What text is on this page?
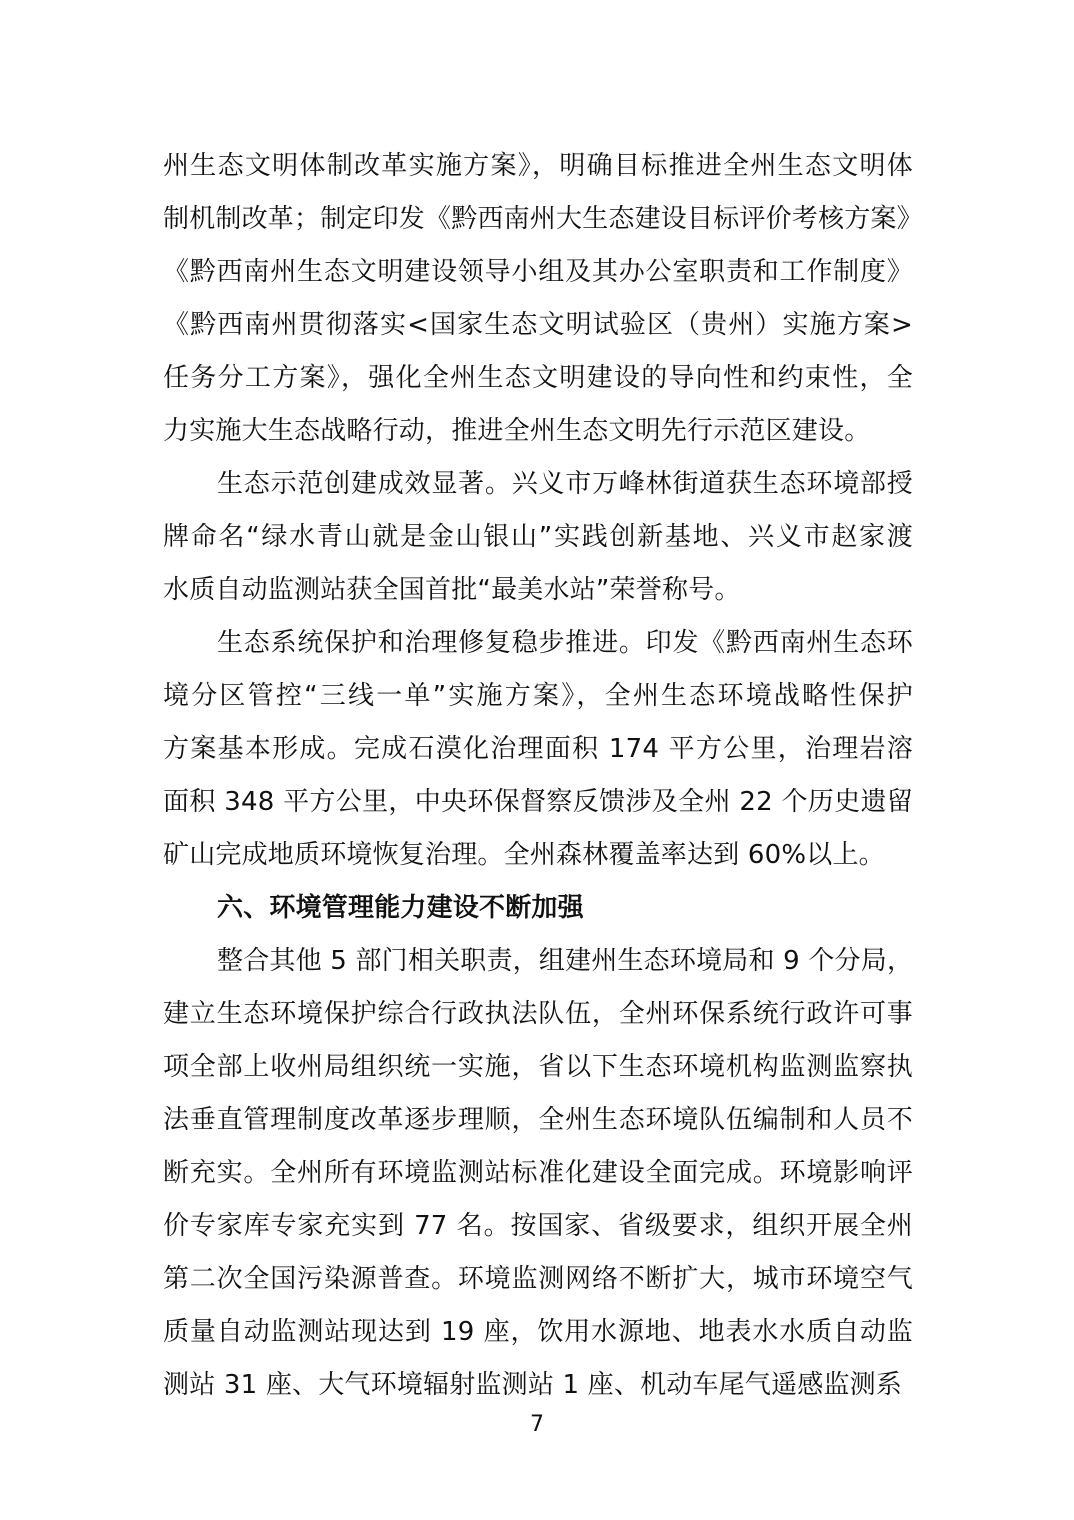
州生态文明体制改革实施方案》，明确目标推进全州生态文明体
制机制改革；制定印发《黔西南州大生态建设目标评价考核方案》
《黔西南州生态文明建设领导小组及其办公室职责和工作制度》
《黔西南州贯彻落实<国家生态文明试验区（贵州）实施方案>
任务分工方案》，强化全州生态文明建设的导向性和约束性，全
力实施大生态战略行动，推进全州生态文明先行示范区建设。
生态示范创建成效显著。兴义市万峰林街道获生态环境部授
牌命名“绿水青山就是金山银山”实践创新基地、兴义市赵家渡
水质自动监测站获全国首批“最美水站”荣誉称号。
生态系统保护和治理修复稳步推进。印发《黔西南州生态环
境分区管控“三线一单”实施方案》，全州生态环境战略性保护
方案基本形成。完成石漠化治理面积 174 平方公里，治理岩溶
面积 348 平方公里，中央环保督察反馈涉及全州 22 个历史遗留
矿山完成地质环境恢复治理。全州森林覆盖率达到 60%以上。
六、环境管理能力建设不断加强
整合其他 5 部门相关职责，组建州生态环境局和 9 个分局，
建立生态环境保护综合行政执法队伍，全州环保系统行政许可事
项全部上收州局组织统一实施，省以下生态环境机构监测监察执
法垂直管理制度改革逐步理顺，全州生态环境队伍编制和人员不
断充实。全州所有环境监测站标准化建设全面完成。环境影响评
价专家库专家充实到 77 名。按国家、省级要求，组织开展全州
第二次全国污染源普查。环境监测网络不断扩大，城市环境空气
质量自动监测站现达到 19 座，饮用水源地、地表水水质自动监
测站 31 座、大气环境辐射监测站 1 座、机动车尾气遥感监测系
7
